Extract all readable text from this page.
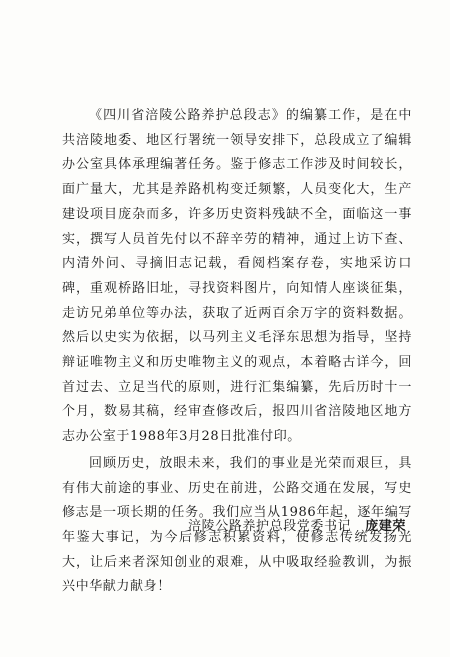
《四川省涪陵公路养护总段志》的编纂工作，是在中共涪陵地委、地区行署统一领导安排下，总段成立了编辑办公室具体承理编著任务。鉴于修志工作涉及时间较长，面广量大，尤其是养路机构变迁频繁，人员变化大，生产建设项目庞杂而多，许多历史资料残缺不全，面临这一事实，撰写人员首先付以不辞辛劳的精神，通过上访下查、内清外问、寻摘旧志记载，看阅档案存卷，实地采访口碑，重观桥路旧址，寻找资料图片，向知情人座谈征集，走访兄弟单位等办法，获取了近两百余万字的资料数据。然后以史实为依据，以马列主义毛泽东思想为指导，坚持辩证唯物主义和历史唯物主义的观点，本着略古详今，回首过去、立足当代的原则，进行汇集编纂，先后历时十一个月，数易其稿，经审查修改后，报四川省涪陵地区地方志办公室于1988年3月28日批准付印。

回顾历史，放眼未来，我们的事业是光荣而艰巨，具有伟大前途的事业、历史在前进，公路交通在发展，写史修志是一项长期的任务。我们应当从1986年起，逐年编写年鉴大事记，为今后修志积累资料，使修志传统发扬光大，让后来者深知创业的艰难，从中吸取经验教训，为振兴中华献力献身！

涪陵公路养护总段党委书记 庞建荣
